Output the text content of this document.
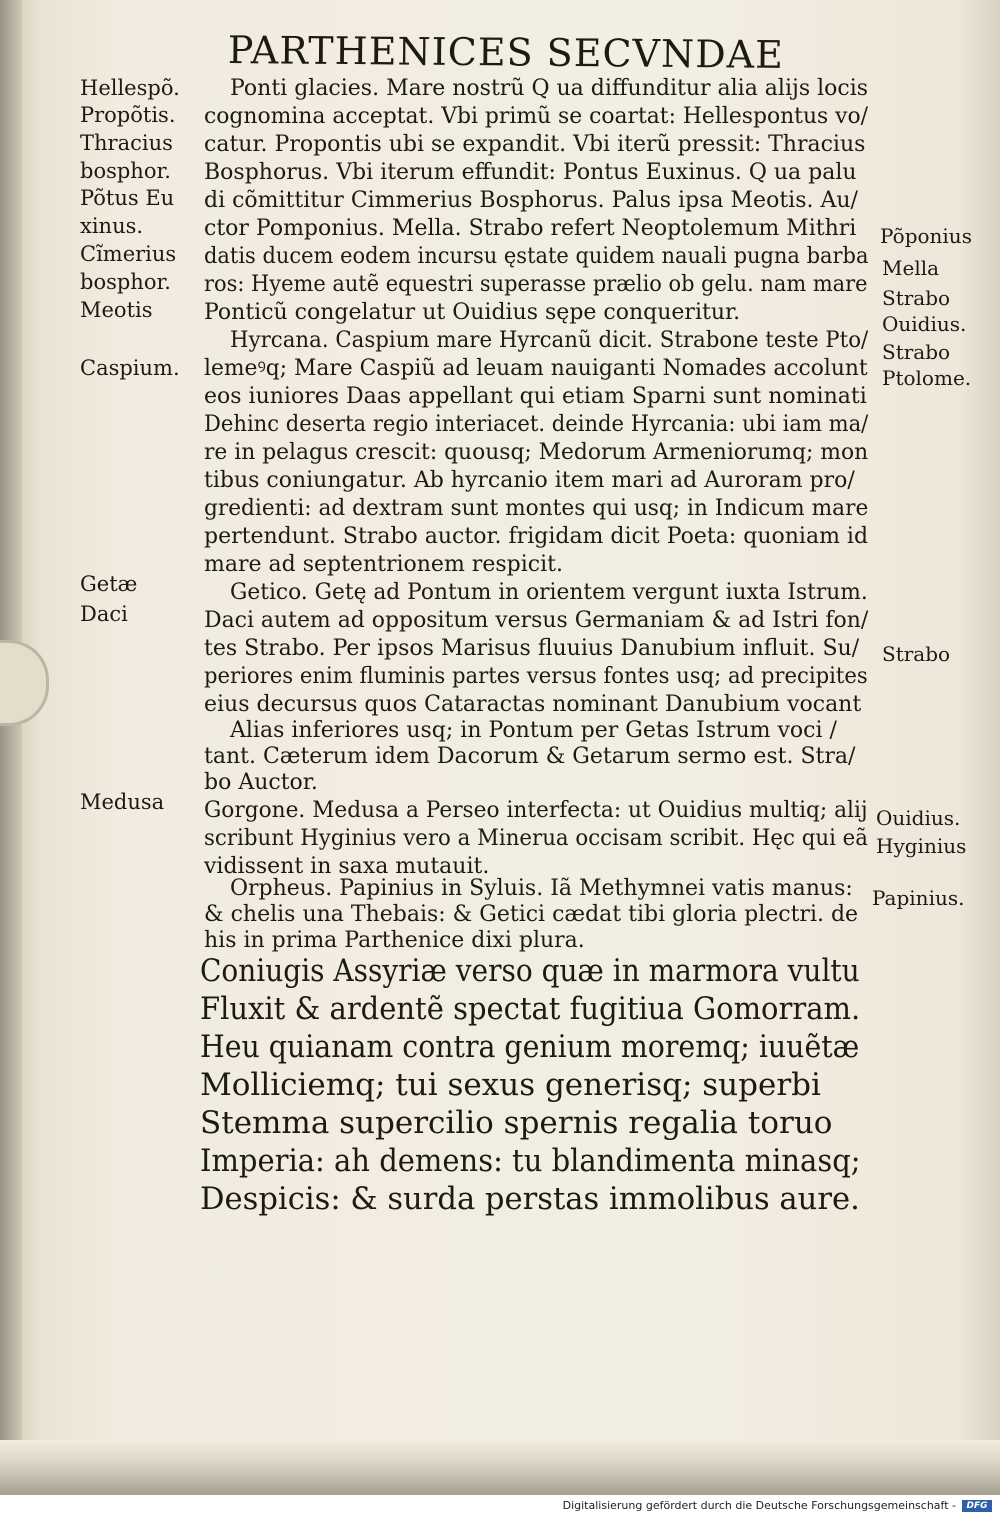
PARTHENICES SECVNDAE
Hellespõ.
Propõtis.
Thracius
bosphor.
Põtus Eu
xinus.
Cĩmerius
bosphor.
Meotis
Caspium.
Getæ
Daci
Medusa
Ponti glacies. Mare nostrũ Q ua diffunditur alia alijs locis
cognomina acceptat. Vbi primũ se coartat: Hellespontus vo/
catur. Propontis ubi se expandit. Vbi iterũ pressit: Thracius
Bosphorus. Vbi iterum effundit: Pontus Euxinus. Q ua palu
di cõmittitur Cimmerius Bosphorus. Palus ipsa Meotis. Au/
ctor Pomponius. Mella. Strabo refert Neoptolemum Mithri
datis ducem eodem incursu ęstate quidem nauali pugna barba
ros: Hyeme autẽ equestri superasse prælio ob gelu. nam mare
Ponticũ congelatur ut Ouidius sępe conqueritur.
Hyrcana. Caspium mare Hyrcanũ dicit. Strabone teste Pto/
lemeꝰq; Mare Caspiũ ad leuam nauiganti Nomades accolunt
eos iuniores Daas appellant qui etiam Sparni sunt nominati
Dehinc deserta regio interiacet. deinde Hyrcania: ubi iam ma/
re in pelagus crescit: quousq; Medorum Armeniorumq; mon
tibus coniungatur. Ab hyrcanio item mari ad Auroram pro/
gredienti: ad dextram sunt montes qui usq; in Indicum mare
pertendunt. Strabo auctor. frigidam dicit Poeta: quoniam id
mare ad septentrionem respicit.
Getico. Getę ad Pontum in orientem vergunt iuxta Istrum.
Daci autem ad oppositum versus Germaniam & ad Istri fon/
tes Strabo. Per ipsos Marisus fluuius Danubium influit. Su/
periores enim fluminis partes versus fontes usq; ad precipites
eius decursus quos Cataractas nominant Danubium vocant
Alias inferiores usq; in Pontum per Getas Istrum voci /
tant. Cæterum idem Dacorum & Getarum sermo est. Stra/
bo Auctor.
Gorgone. Medusa a Perseo interfecta: ut Ouidius multiq; alij
scribunt Hyginius vero a Minerua occisam scribit. Hęc qui eã
vidissent in saxa mutauit.
Orpheus. Papinius in Syluis. Iã Methymnei vatis manus:
& chelis una Thebais: & Getici cædat tibi gloria plectri. de
his in prima Parthenice dixi plura.
Coniugis Assyriæ verso quæ in marmora vultu
Fluxit & ardentẽ spectat fugitiua Gomorram.
Heu quianam contra genium moremq; iuuẽtæ
Molliciemq; tui sexus generisq; superbi
Stemma supercilio spernis regalia toruo
Imperia: ah demens: tu blandimenta minasq;
Despicis: & surda perstas immolibus aure.
Põponius
Mella
Strabo
Ouidius.
Strabo
Ptolome.
Strabo
Ouidius.
Hyginius
Papinius.
Digitalisierung gefördert durch die Deutsche Forschungsgemeinschaft -	DFG
